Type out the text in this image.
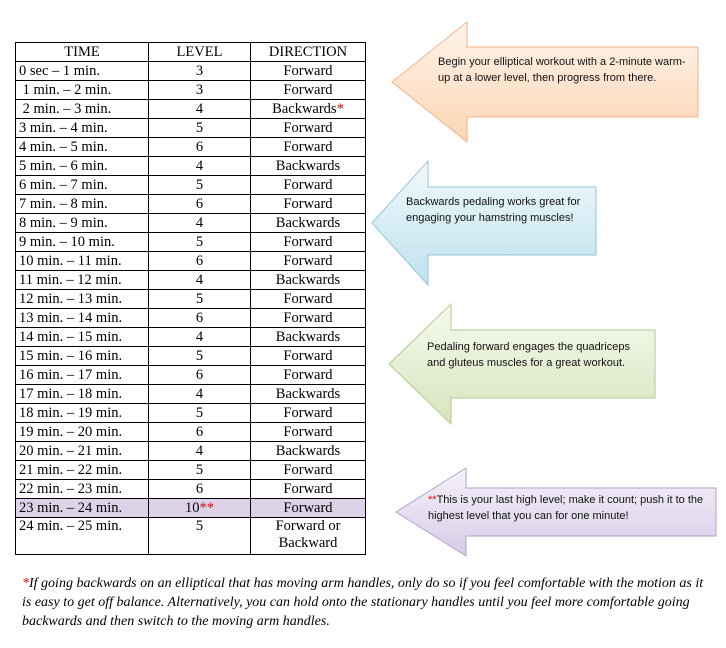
TIME	LEVEL	DIRECTION
0 sec – 1 min.	3	Forward
1 min. – 2 min.	3	Forward
2 min. – 3 min.	4	Backwards*
3 min. – 4 min.	5	Forward
4 min. – 5 min.	6	Forward
5 min. – 6 min.	4	Backwards
6 min. – 7 min.	5	Forward
7 min. – 8 min.	6	Forward
8 min. – 9 min.	4	Backwards
9 min. – 10 min.	5	Forward
10 min. – 11 min.	6	Forward
11 min. – 12 min.	4	Backwards
12 min. – 13 min.	5	Forward
13 min. – 14 min.	6	Forward
14 min. – 15 min.	4	Backwards
15 min. – 16 min.	5	Forward
16 min. – 17 min.	6	Forward
17 min. – 18 min.	4	Backwards
18 min. – 19 min.	5	Forward
19 min. – 20 min.	6	Forward
20 min. – 21 min.	4	Backwards
21 min. – 22 min.	5	Forward
22 min. – 23 min.	6	Forward
23 min. – 24 min.	10**	Forward
24 min. – 25 min.	5	Forward or
Backward
Begin your elliptical workout with a 2-minute warm-up at a lower level, then progress from there.
Backwards pedaling works great for engaging your hamstring muscles!
Pedaling forward engages the quadriceps and gluteus muscles for a great workout.
**This is your last high level; make it count; push it to the highest level that you can for one minute!
*If going backwards on an elliptical that has moving arm handles, only do so if you feel comfortable with the motion as it is easy to get off balance. Alternatively, you can hold onto the stationary handles until you feel more comfortable going backwards and then switch to the moving arm handles.
